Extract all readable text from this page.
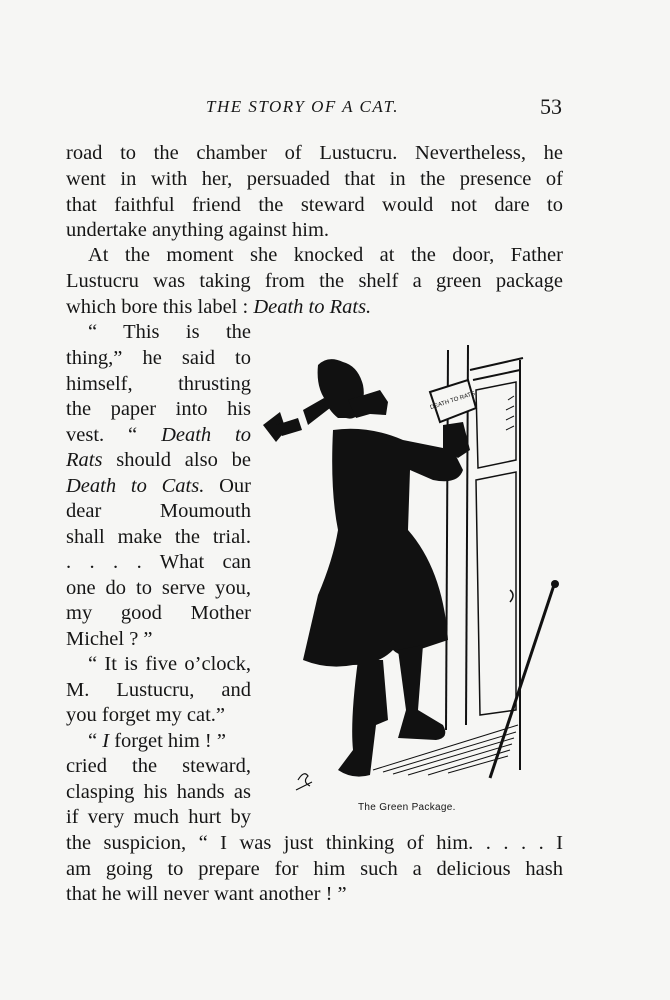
THE STORY OF A CAT.	53
road to the chamber of Lustucru. Nevertheless, he
went in with her, persuaded that in the presence of
that faithful friend the steward would not dare to
undertake anything against him.
At the moment she knocked at the door, Father
Lustucru was taking from the shelf a green package
which bore this label : Death to Rats.
“ This is the
thing,” he said to
himself, thrusting
the paper into his
vest. “ Death to
Rats should also be
Death to Cats. Our
dear Moumouth
shall make the trial.
. . . . What can
one do to serve you,
my good Mother
Michel ? ”
“ It is five o’clock,
M. Lustucru, and
you forget my cat.”
“ I forget him ! ”
cried the steward,
clasping his hands as
if very much hurt by
the suspicion, “ I was just thinking of him. . . . . I
am going to prepare for him such a delicious hash
that he will never want another ! ”
DEATH TO RATS
The Green Package.
